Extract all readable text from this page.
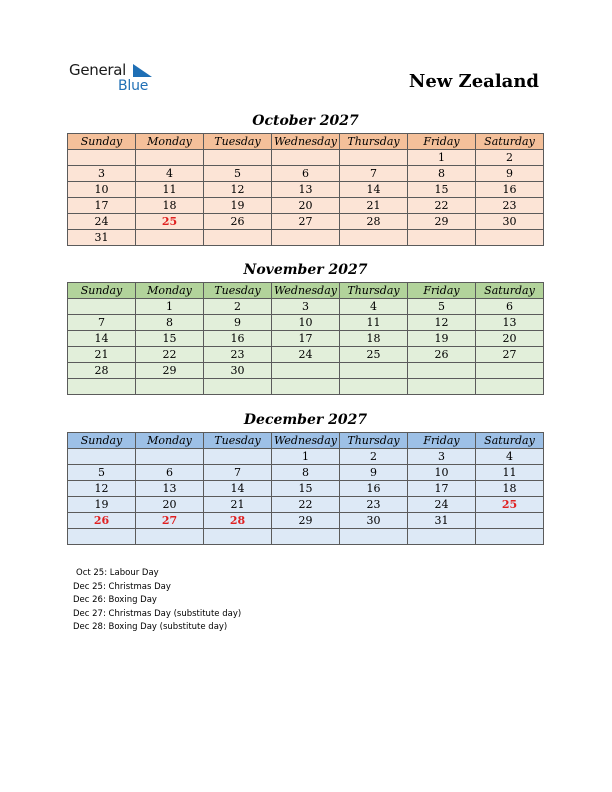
General
Blue	New Zealand
October 2027
Sunday	Monday	Tuesday	Wednesday	Thursday	Friday	Saturday
					1	2
3	4	5	6	7	8	9
10	11	12	13	14	15	16
17	18	19	20	21	22	23
24	25	26	27	28	29	30
31						
November 2027
Sunday	Monday	Tuesday	Wednesday	Thursday	Friday	Saturday
	1	2	3	4	5	6
7	8	9	10	11	12	13
14	15	16	17	18	19	20
21	22	23	24	25	26	27
28	29	30				

December 2027
Sunday	Monday	Tuesday	Wednesday	Thursday	Friday	Saturday
			1	2	3	4
5	6	7	8	9	10	11
12	13	14	15	16	17	18
19	20	21	22	23	24	25
26	27	28	29	30	31	

Oct 25: Labour Day
Dec 25: Christmas Day
Dec 26: Boxing Day
Dec 27: Christmas Day (substitute day)
Dec 28: Boxing Day (substitute day)
